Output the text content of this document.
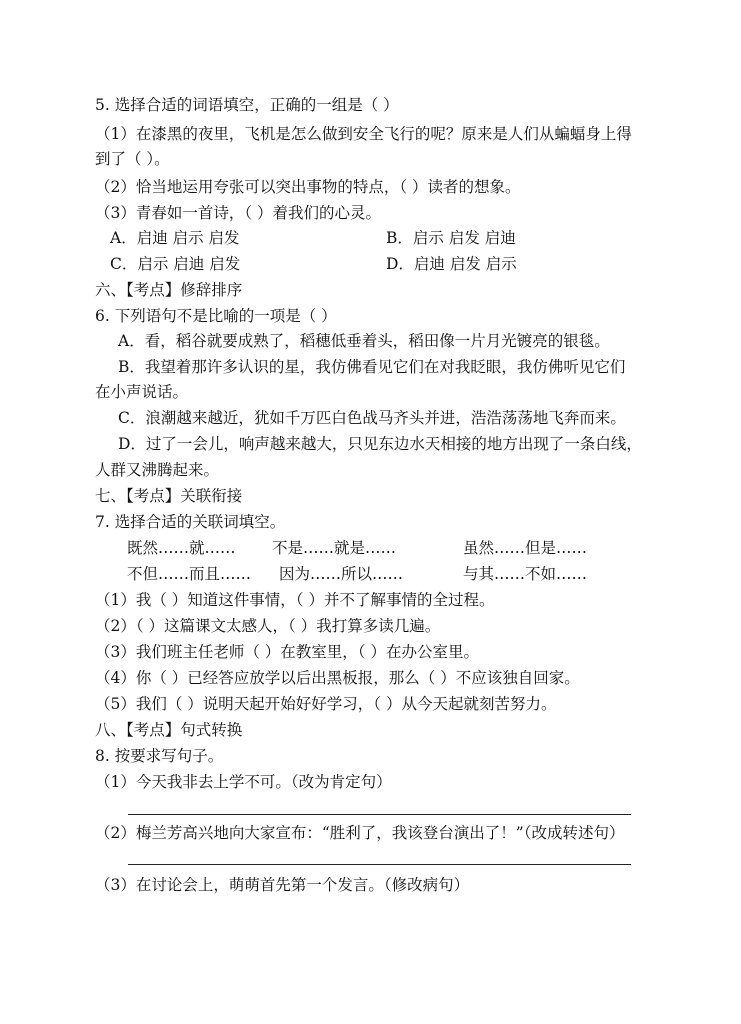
5. 选择合适的词语填空，正确的一组是（ ）
（1）在漆黑的夜里，飞机是怎么做到安全飞行的呢？原来是人们从蝙蝠身上得
到了（ ）。
（2）恰当地运用夸张可以突出事物的特点，（ ）读者的想象。
（3）青春如一首诗，（ ）着我们的心灵。
A．启迪 启示 启发	B．启示 启发 启迪
C．启示 启迪 启发	D．启迪 启发 启示
六、【考点】修辞排序
6. 下列语句不是比喻的一项是（ ）
A．看，稻谷就要成熟了，稻穗低垂着头，稻田像一片月光镀亮的银毯。
B．我望着那许多认识的星，我仿佛看见它们在对我眨眼，我仿佛听见它们
在小声说话。
C．浪潮越来越近，犹如千万匹白色战马齐头并进，浩浩荡荡地飞奔而来。
D．过了一会儿，响声越来越大，只见东边水天相接的地方出现了一条白线，
人群又沸腾起来。
七、【考点】关联衔接
7. 选择合适的关联词填空。
既然……就…… 不是……就是……	虽然……但是……
不但……而且…… 因为……所以……	与其……不如……
（1）我（ ）知道这件事情，（ ）并不了解事情的全过程。
（2）（ ）这篇课文太感人，（ ）我打算多读几遍。
（3）我们班主任老师（ ）在教室里，（ ）在办公室里。
（4）你（ ）已经答应放学以后出黑板报，那么（ ）不应该独自回家。
（5）我们（ ）说明天起开始好好学习，（ ）从今天起就刻苦努力。
八、【考点】句式转换
8. 按要求写句子。
（1）今天我非去上学不可。（改为肯定句）
（2）梅兰芳高兴地向大家宣布：“胜利了，我该登台演出了！”（改成转述句）
（3）在讨论会上，萌萌首先第一个发言。（修改病句）
